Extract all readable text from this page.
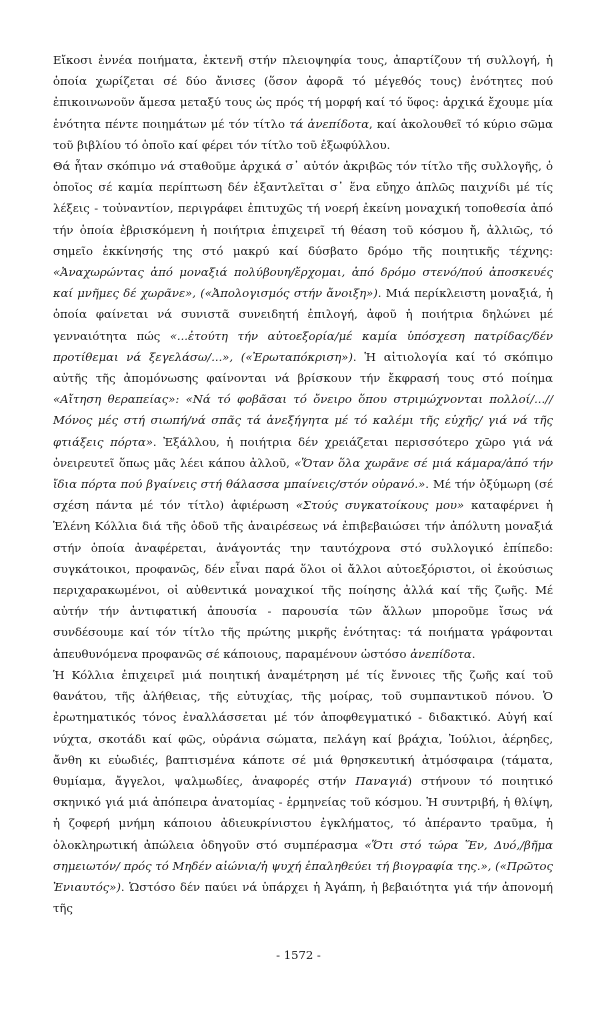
Εἴκοσι ἐννέα ποιήματα, ἐκτενῆ στήν πλειοψηφία τους, ἀπαρτίζουν τή συλλογή, ἡ ὁποία χωρίζεται σέ δύο ἄνισες (ὅσον ἀφορᾶ τό μέγεθός τους) ἑνότητες πού ἐπικοινωνοῦν ἄμεσα μεταξύ τους ὡς πρός τή μορφή καί τό ὕφος: ἀρχικά ἔχουμε μία ἑνότητα πέντε ποιημάτων μέ τόν τίτλο τά ἀνεπίδοτα, καί ἀκολουθεῖ τό κύριο σῶμα τοῦ βιβλίου τό ὁποῖο καί φέρει τόν τίτλο τοῦ ἐξωφύλλου.

Θά ἦταν σκόπιμο νά σταθοῦμε ἀρχικά σ᾽ αὐτόν ἀκριβῶς τόν τίτλο τῆς συλλογῆς, ὁ ὁποῖος σέ καμία περίπτωση δέν ἐξαντλεῖται σ᾽ ἕνα εὔηχο ἁπλῶς παιχνίδι μέ τίς λέξεις - τοὐναντίον, περιγράφει ἐπιτυχῶς τή νοερή ἐκείνη μοναχική τοποθεσία ἀπό τήν ὁποία ἐβρισκόμενη ἡ ποιήτρια ἐπιχειρεῖ τή θέαση τοῦ κόσμου ἤ, ἀλλιῶς, τό σημεῖο ἐκκίνησής της στό μακρύ καί δύσβατο δρόμο τῆς ποιητικῆς τέχνης: «Ἀναχωρώντας ἀπό μοναξιά πολύβουη/ἔρχομαι, ἀπό δρόμο στενό/πού ἀποσκευές καί μνῆμες δέ χωρᾶνε», («Ἀπολογισμός στήν ἄνοιξη»). Μιά περίκλειστη μοναξιά, ἡ ὁποία φαίνεται νά συνιστᾶ συνειδητή ἐπιλογή, ἀφοῦ ἡ ποιήτρια δηλώνει μέ γενναιότητα πώς «...ἐτούτη τήν αὐτοεξορία/μέ καμία ὑπόσχεση πατρίδας/δέν προτίθεμαι νά ξεγελάσω/...», («Ἐρωταπόκριση»). Ἡ αἰτιολογία καί τό σκόπιμο αὐτῆς τῆς ἀπομόνωσης φαίνονται νά βρίσκουν τήν ἔκφρασή τους στό ποίημα «Αἴτηση θεραπείας»: «Νά τό φοβᾶσαι τό ὄνειρο ὅπου στριμώχνονται πολλοί/...//Μόνος μές στή σιωπή/νά σπᾶς τά ἀνεξήγητα μέ τό καλέμι τῆς εὐχῆς/ γιά νά τῆς φτιάξεις πόρτα». Ἐξάλλου, ἡ ποιήτρια δέν χρειάζεται περισσότερο χῶρο γιά νά ὀνειρευτεῖ ὅπως μᾶς λέει κάπου ἀλλοῦ, «Ὅταν ὅλα χωρᾶνε σέ μιά κάμαρα/ἀπό τήν ἴδια πόρτα πού βγαίνεις στή θάλασσα μπαίνεις/στόν οὐρανό.». Μέ τήν ὀξύμωρη (σέ σχέση πάντα μέ τόν τίτλο) ἀφιέρωση «Στούς συγκατοίκους μου» καταφέρνει ἡ Ἑλένη Κόλλια διά τῆς ὁδοῦ τῆς ἀναιρέσεως νά ἐπιβεβαιώσει τήν ἀπόλυτη μοναξιά στήν ὁποία ἀναφέρεται, ἀνάγοντάς την ταυτόχρονα στό συλλογικό ἐπίπεδο: συγκάτοικοι, προφανῶς, δέν εἶναι παρά ὅλοι οἱ ἄλλοι αὐτοεξόριστοι, οἱ ἑκούσιως περιχαρακωμένοι, οἱ αὐθεντικά μοναχικοί τῆς ποίησης ἀλλά καί τῆς ζωῆς. Μέ αὐτήν τήν ἀντιφατική ἀπουσία - παρουσία τῶν ἄλλων μποροῦμε ἴσως νά συνδέσουμε καί τόν τίτλο τῆς πρώτης μικρῆς ἑνότητας: τά ποιήματα γράφονται ἀπευθυνόμενα προφανῶς σέ κάποιους, παραμένουν ὡστόσο ἀνεπίδοτα.

Ἡ Κόλλια ἐπιχειρεῖ μιά ποιητική ἀναμέτρηση μέ τίς ἔννοιες τῆς ζωῆς καί τοῦ θανάτου, τῆς ἀλήθειας, τῆς εὐτυχίας, τῆς μοίρας, τοῦ συμπαντικοῦ πόνου. Ὁ ἐρωτηματικός τόνος ἐναλλάσσεται μέ τόν ἀποφθεγματικό - διδακτικό. Αὐγή καί νύχτα, σκοτάδι καί φῶς, οὐράνια σώματα, πελάγη καί βράχια, Ἰούλιοι, ἀέρηδες, ἄνθη κι εὐωδιές, βαπτισμένα κάποτε σέ μιά θρησκευτική ἀτμόσφαιρα (τάματα, θυμίαμα, ἄγγελοι, ψαλμωδίες, ἀναφορές στήν Παναγιά) στήνουν τό ποιητικό σκηνικό γιά μιά ἀπόπειρα ἀνατομίας - ἑρμηνείας τοῦ κόσμου. Ἡ συντριβή, ἡ θλίψη, ἡ ζοφερή μνήμη κάποιου ἀδιευκρίνιστου ἐγκλήματος, τό ἀπέραντο τραῦμα, ἡ ὁλοκληρωτική ἀπώλεια ὁδηγοῦν στό συμπέρασμα «Ὅτι στό τώρα Ἕν, Δυό,/βῆμα σημειωτόν/ πρός τό Μηδέν αἰώνια/ἡ ψυχή ἐπαληθεύει τή βιογραφία της.», («Πρῶτος Ἐνιαυτός»). Ὡστόσο δέν παύει νά ὑπάρχει ἡ Ἀγάπη, ἡ βεβαιότητα γιά τήν ἀπονομή τῆς

- 1572 -
